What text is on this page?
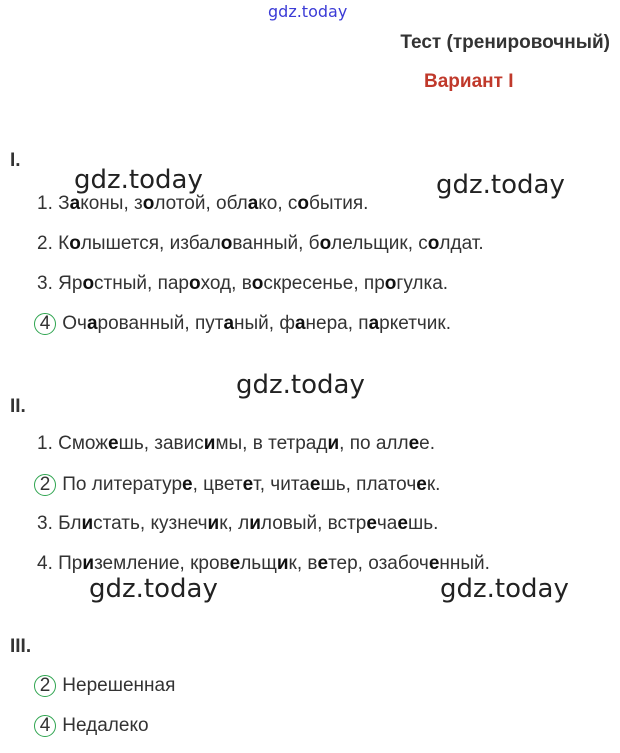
gdz.today
gdz.today	gdz.today
gdz.today
gdz.today	gdz.today
Тест (тренировочный)
Вариант I
I.
1. Законы, золотой, облако, события.
2. Колышется, избалованный, болельщик, солдат.
3. Яростный, пароход, воскресенье, прогулка.
4 Очарованный, путаный, фанера, паркетчик.
II.
1. Сможешь, зависимы, в тетради, по аллее.
2 По литературе, цветет, читаешь, платочек.
3. Блистать, кузнечик, лиловый, встречаешь.
4. Приземление, кровельщик, ветер, озабоченный.
III.
2 Нерешенная
4 Недалеко
